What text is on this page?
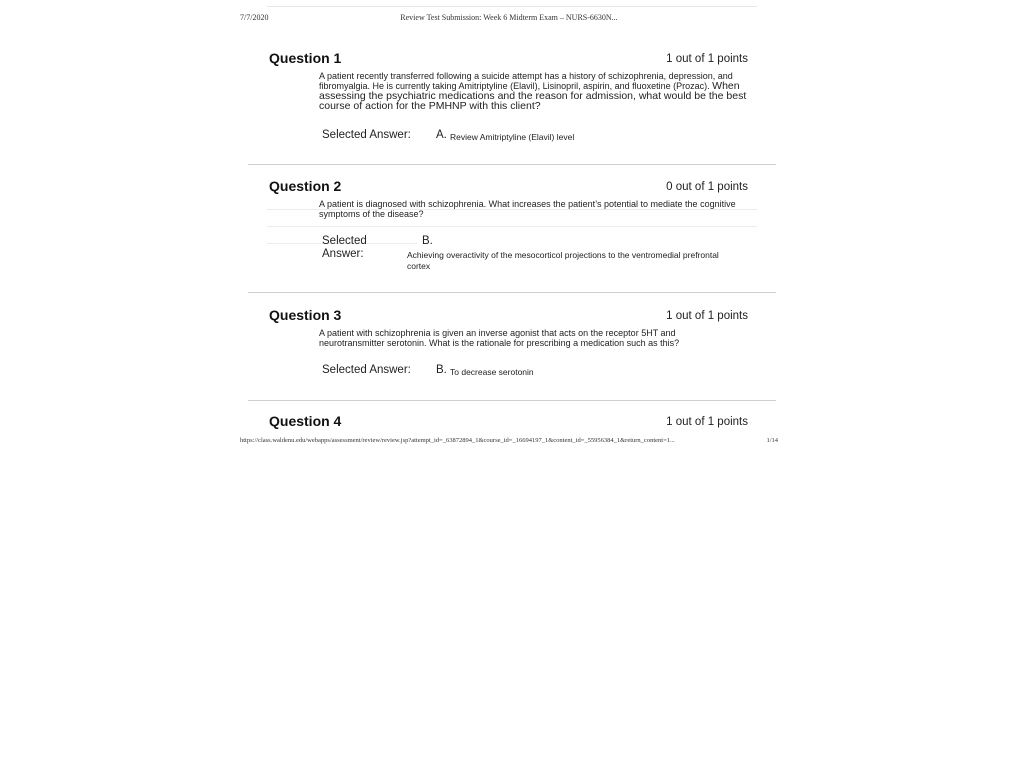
7/7/2020	Review Test Submission: Week 6 Midterm Exam – NURS-6630N...
Question 1	1 out of 1 points
A patient recently transferred following a suicide attempt has a history of schizophrenia, depression, and fibromyalgia. He is currently taking Amitriptyline (Elavil), Lisinopril, aspirin, and fluoxetine (Prozac). When assessing the psychiatric medications and the reason for admission, what would be the best course of action for the PMHNP with this client?
Selected Answer: A. Review Amitriptyline (Elavil) level
Question 2	0 out of 1 points
A patient is diagnosed with schizophrenia. What increases the patient’s potential to mediate the cognitive symptoms of the disease?
Selected
Answer:
B.
Achieving overactivity of the mesocorticol projections to the ventromedial prefrontal cortex
Question 3	1 out of 1 points
A patient with schizophrenia is given an inverse agonist that acts on the receptor 5HT and neurotransmitter serotonin. What is the rationale for prescribing a medication such as this?
Selected Answer: B. To decrease serotonin
Question 4	1 out of 1 points
https://class.waldenu.edu/webapps/assessment/review/review.jsp?attempt_id=_63872894_1&course_id=_16694197_1&content_id=_55956384_1&return_content=1...	1/14
